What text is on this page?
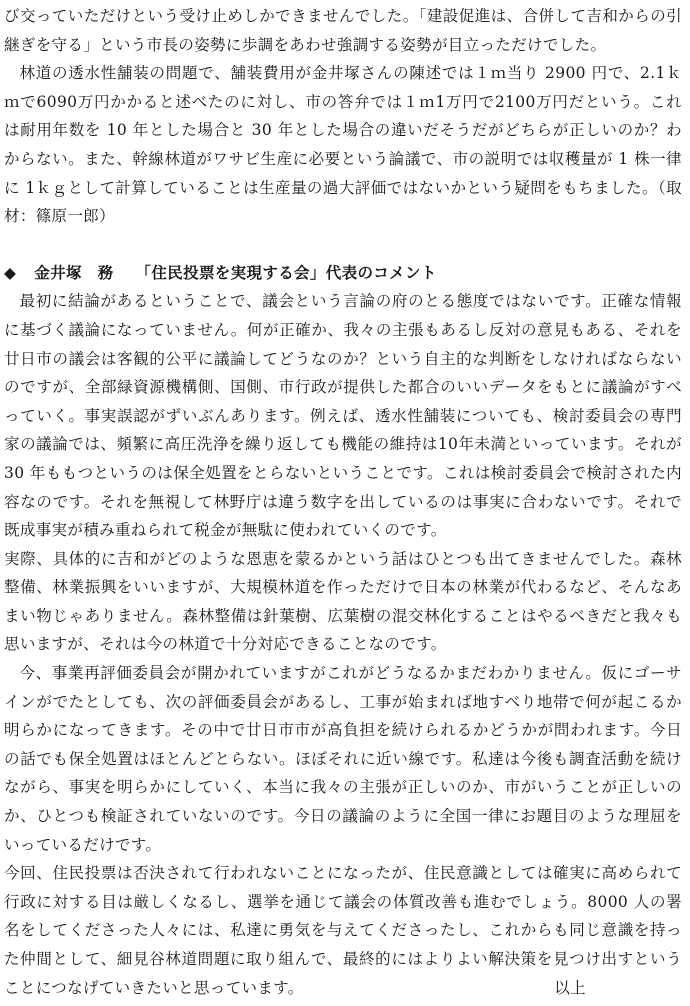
び交っていただけという受け止めしかできませんでした。「建設促進は、合併して吉和からの引継ぎを守る」という市長の姿勢に歩調をあわせ強調する姿勢が目立っただけでした。

林道の透水性舗装の問題で、舗装費用が金井塚さんの陳述では１ｍ当り 2900 円で、2.1ｋｍで6090万円かかると述べたのに対し、市の答弁では１ｍ1万円で2100万円だという。これは耐用年数を 10 年とした場合と 30 年とした場合の違いだそうだがどちらが正しいのか？わからない。また、幹線林道がワサビ生産に必要という論議で、市の説明では収穫量が 1 株一律に 1ｋｇとして計算していることは生産量の過大評価ではないかという疑問をもちました。（取材：篠原一郎）

◆ 金井塚　務 「住民投票を実現する会」代表のコメント

最初に結論があるということで、議会という言論の府のとる態度ではないです。正確な情報に基づく議論になっていません。何が正確か、我々の主張もあるし反対の意見もある、それを廿日市の議会は客観的公平に議論してどうなのか？という自主的な判断をしなければならないのですが、全部緑資源機構側、国側、市行政が提供した都合のいいデータをもとに議論がすべっていく。事実誤認がずいぶんあります。例えば、透水性舗装についても、検討委員会の専門家の議論では、頻繁に高圧洗浄を繰り返しても機能の維持は10年未満といっています。それが 30 年ももつというのは保全処置をとらないということです。これは検討委員会で検討された内容なのです。それを無視して林野庁は違う数字を出しているのは事実に合わないです。それで既成事実が積み重ねられて税金が無駄に使われていくのです。

実際、具体的に吉和がどのような恩恵を蒙るかという話はひとつも出てきませんでした。森林整備、林業振興をいいますが、大規模林道を作っただけで日本の林業が代わるなど、そんなあまい物じゃありません。森林整備は針葉樹、広葉樹の混交林化することはやるべきだと我々も思いますが、それは今の林道で十分対応できることなのです。

今、事業再評価委員会が開かれていますがこれがどうなるかまだわかりません。仮にゴーサインがでたとしても、次の評価委員会があるし、工事が始まれば地すべり地帯で何が起こるか明らかになってきます。その中で廿日市市が高負担を続けられるかどうかが問われます。今日の話でも保全処置はほとんどとらない。ほぼそれに近い線です。私達は今後も調査活動を続けながら、事実を明らかにしていく、本当に我々の主張が正しいのか、市がいうことが正しいのか、ひとつも検証されていないのです。今日の議論のように全国一律にお題目のような理屈をいっているだけです。

今回、住民投票は否決されて行われないことになったが、住民意識としては確実に高められて行政に対する目は厳しくなるし、選挙を通じて議会の体質改善も進むでしょう。8000 人の署名をしてくださった人々には、私達に勇気を与えてくださったし、これからも同じ意識を持った仲間として、細見谷林道問題に取り組んで、最終的にはよりよい解決策を見つけ出すということにつなげていきたいと思っています。	以上
